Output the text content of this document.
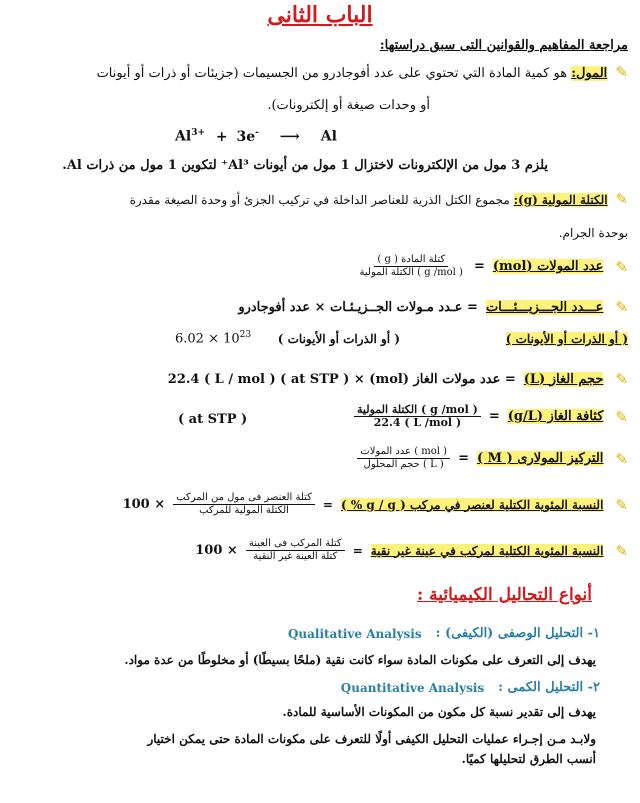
الباب الثانى
مراجعة المفاهيم والقوانين التى سبق دراستها:
✎ المول: هو كمية المادة التي تحتوي على عدد أفوجادرو من الجسيمات (جزيئات أو ذرات أو أيونات
أو وحدات صيغة أو إلكترونات).
$Al^{3+} + 3e^-$ ⟶ Al
يلزم 3 مول من الإلكترونات لاختزال 1 مول من أيونات Al³⁺ لتكوين 1 مول من ذرات Al.
✎ الكتلة المولية (g): مجموع الكتل الذرية للعناصر الداخلة في تركيب الجزئ أو وحدة الصيغة مقدرة
بوحدة الجرام.
✎
عدد المولات (mol)
=
$\frac{\text{كتلة المادة ( g )}}{\text{( g /mol ) الكتلة المولية}}$
✎
عـــدد الجـــزيـــئـــات
= عـدد مـولات الجــزيـئـات × عدد أفوجادرو
( أو الذرات أو الأيونات )
( أو الذرات أو الأيونات )
$6.02 \times 10^{23}$
✎
حجم الغاز (L)
= عدد مولات الغاز (mol) × 22.4 ( L / mol ) ( at STP )
✎
كثافة الغاز (g/L)
=
$\frac{\text{( g /mol ) الكتلة المولية}}{\text{( L /mol ) 22.4}}$
( at STP )
✎
التركيز المولارى ( M )
=
$\frac{\text{( mol ) عدد المولات}}{\text{( L ) حجم المحلول}}$
✎
النسبة المئوية الكتلية لعنصر في مركب ( g / g % )
=
$\frac{\text{كتلة العنصر فى مول من المركب}}{\text{الكتلة المولية للمركب}}$
× 100
✎
النسبة المئوية الكتلية لمركب في عينة غير نقية
=
$\frac{\text{كتلة المركب فى العينة}}{\text{كتلة العينة غير النقية}}$
× 100
أنواع التحاليل الكيميائية :
١- التحليل الوصفى (الكيفى) :
Qualitative Analysis
يهدف إلى التعرف على مكونات المادة سواء كانت نقية (ملحًا بسيطًا) أو مخلوطًا من عدة مواد.
٢- التحليل الكمى :
Quantitative Analysis
يهدف إلى تقدير نسبة كل مكون من المكونات الأساسية للمادة.
ولابـد مـن إجـراء عمليات التحليل الكيفى أولًا للتعرف على مكونات المادة حتى يمكن اختيار
أنسب الطرق لتحليلها كميًا.
